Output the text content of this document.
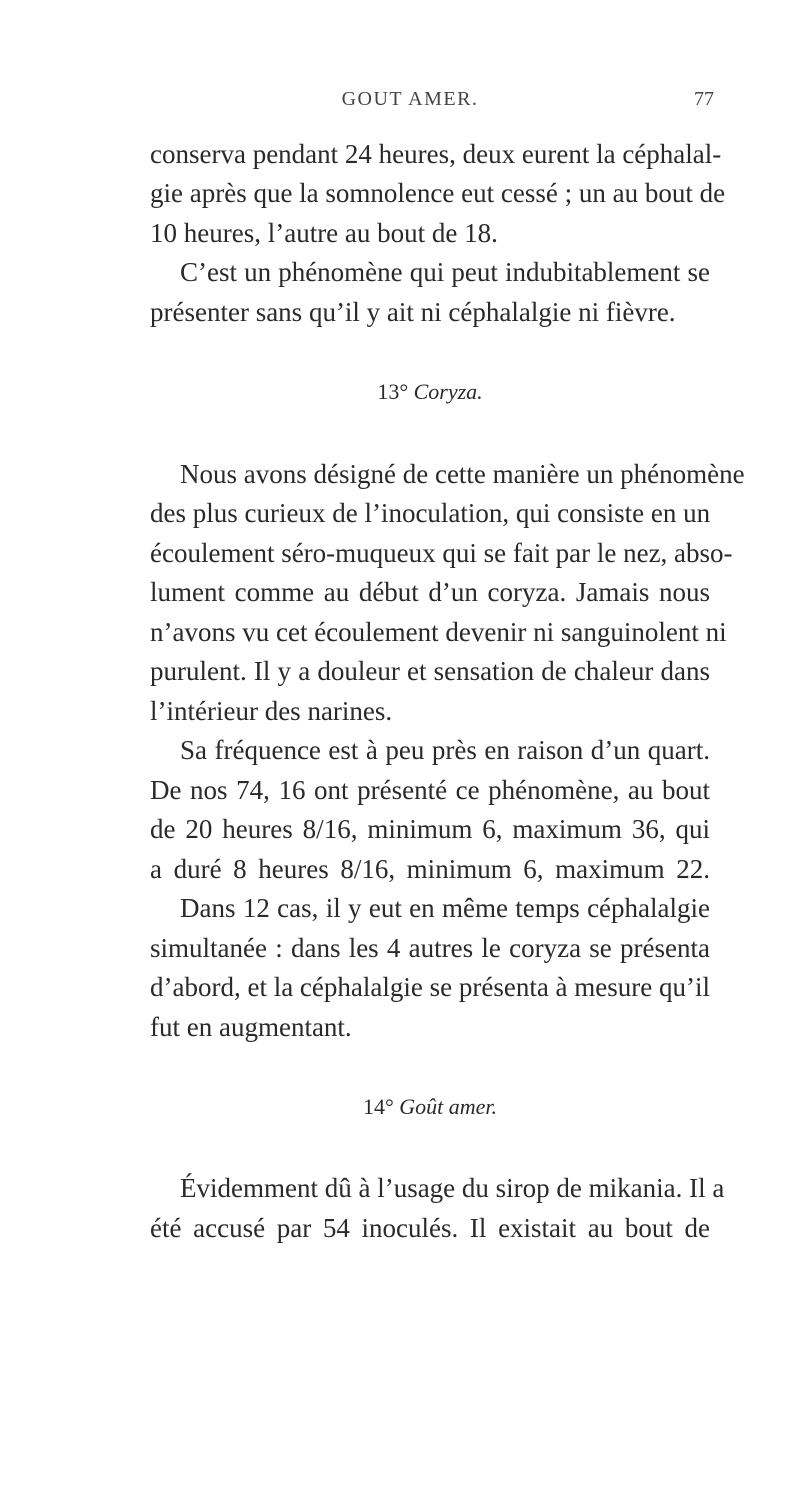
GOUT AMER.	77
conserva pendant 24 heures, deux eurent la céphalal-
gie après que la somnolence eut cessé ; un au bout de
10 heures, l’autre au bout de 18.
C’est un phénomène qui peut indubitablement se
présenter sans qu’il y ait ni céphalalgie ni fièvre.
13° Coryza.
Nous avons désigné de cette manière un phénomène
des plus curieux de l’inoculation, qui consiste en un
écoulement séro-muqueux qui se fait par le nez, abso-
lument comme au début d’un coryza. Jamais nous
n’avons vu cet écoulement devenir ni sanguinolent ni
purulent. Il y a douleur et sensation de chaleur dans
l’intérieur des narines.
Sa fréquence est à peu près en raison d’un quart.
De nos 74, 16 ont présenté ce phénomène, au bout
de 20 heures 8/16, minimum 6, maximum 36, qui
a duré 8 heures 8/16, minimum 6, maximum 22.
Dans 12 cas, il y eut en même temps céphalalgie
simultanée : dans les 4 autres le coryza se présenta
d’abord, et la céphalalgie se présenta à mesure qu’il
fut en augmentant.
14° Goût amer.
Évidemment dû à l’usage du sirop de mikania. Il a
été accusé par 54 inoculés. Il existait au bout de
